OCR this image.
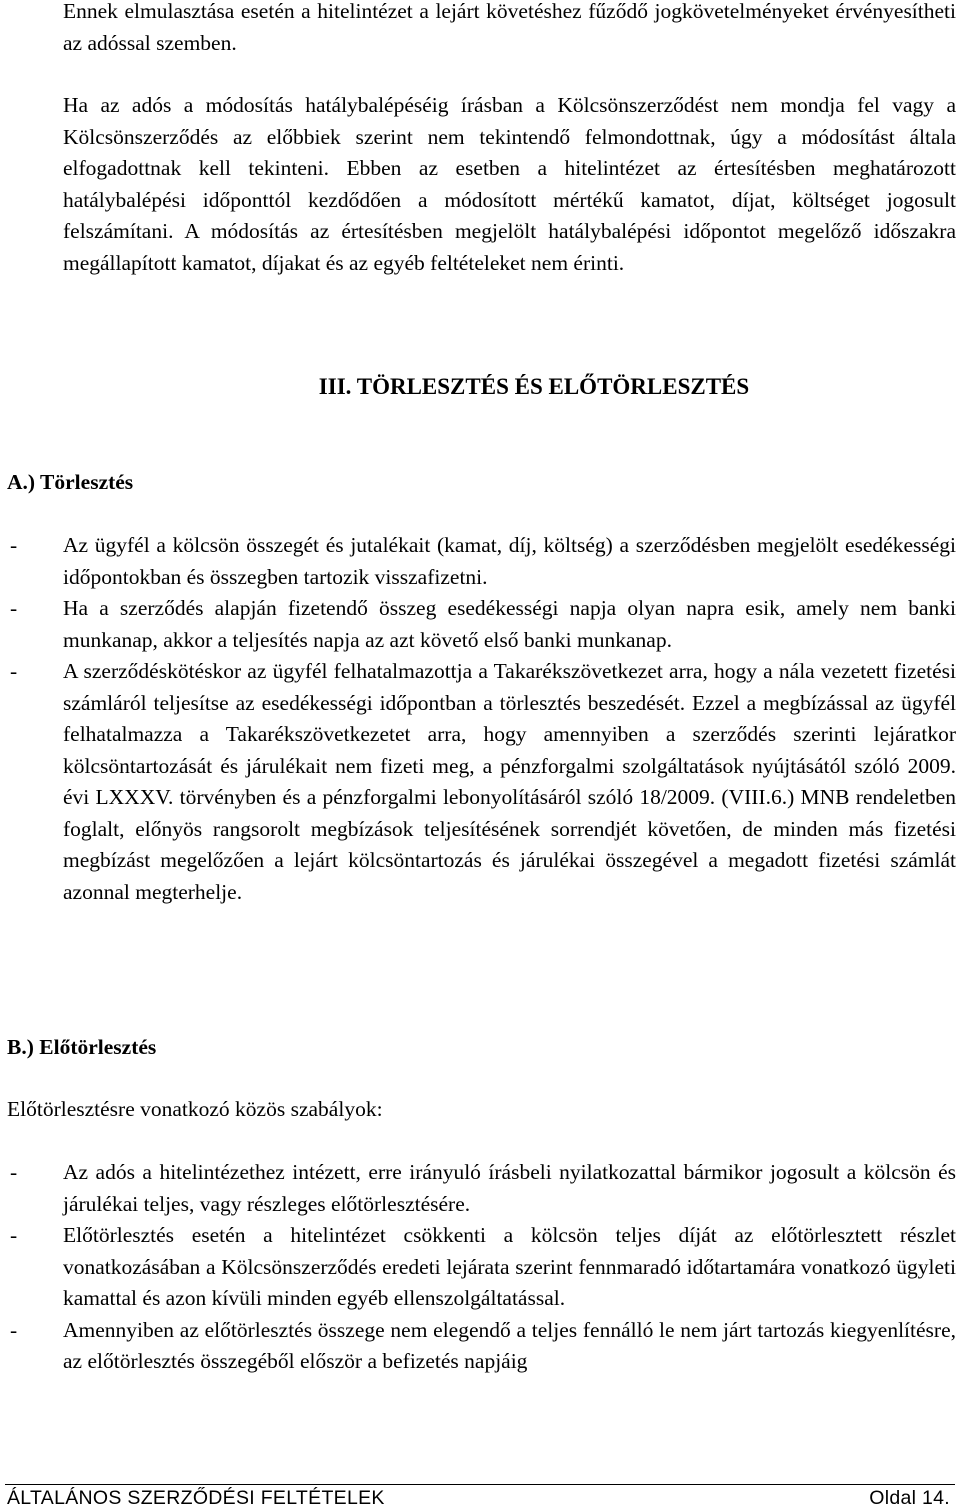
Ennek elmulasztása esetén a hitelintézet a lejárt követéshez fűződő jogkövetelményeket érvényesítheti az adóssal szemben.

Ha az adós a módosítás hatálybalépéséig írásban a Kölcsönszerződést nem mondja fel vagy a Kölcsönszerződés az előbbiek szerint nem tekintendő felmondottnak, úgy a módosítást általa elfogadottnak kell tekinteni. Ebben az esetben a hitelintézet az értesítésben meghatározott hatálybalépési időponttól kezdődően a módosított mértékű kamatot, díjat, költséget jogosult felszámítani. A módosítás az értesítésben megjelölt hatálybalépési időpontot megelőző időszakra megállapított kamatot, díjakat és az egyéb feltételeket nem érinti.

III. TÖRLESZTÉS ÉS ELŐTÖRLESZTÉS
A.) Törlesztés
- Az ügyfél a kölcsön összegét és jutalékait (kamat, díj, költség) a szerződésben megjelölt esedékességi időpontokban és összegben tartozik visszafizetni.
- Ha a szerződés alapján fizetendő összeg esedékességi napja olyan napra esik, amely nem banki munkanap, akkor a teljesítés napja az azt követő első banki munkanap.
- A szerződéskötéskor az ügyfél felhatalmazottja a Takarékszövetkezet arra, hogy a nála vezetett fizetési számláról teljesítse az esedékességi időpontban a törlesztés beszedését. Ezzel a megbízással az ügyfél felhatalmazza a Takarékszövetkezetet arra, hogy amennyiben a szerződés szerinti lejáratkor kölcsöntartozását és járulékait nem fizeti meg, a pénzforgalmi szolgáltatások nyújtásától szóló 2009. évi LXXXV. törvényben és a pénzforgalmi lebonyolításáról szóló 18/2009. (VIII.6.) MNB rendeletben foglalt, előnyös rangsorolt megbízások teljesítésének sorrendjét követően, de minden más fizetési megbízást megelőzően a lejárt kölcsöntartozás és járulékai összegével a megadott fizetési számlát azonnal megterhelje.
B.) Előtörlesztés

Előtörlesztésre vonatkozó közös szabályok:

- Az adós a hitelintézethez intézett, erre irányuló írásbeli nyilatkozattal bármikor jogosult a kölcsön és járulékai teljes, vagy részleges előtörlesztésére.
- Előtörlesztés esetén a hitelintézet csökkenti a kölcsön teljes díját az előtörlesztett részlet vonatkozásában a Kölcsönszerződés eredeti lejárata szerint fennmaradó időtartamára vonatkozó ügyleti kamattal és azon kívüli minden egyéb ellenszolgáltatással.
- Amennyiben az előtörlesztés összege nem elegendő a teljes fennálló le nem járt tartozás kiegyenlítésre, az előtörlesztés összegéből először a befizetés napjáig
ÁLTALÁNOS SZERZŐDÉSI FELTÉTELEK	Oldal 14.
